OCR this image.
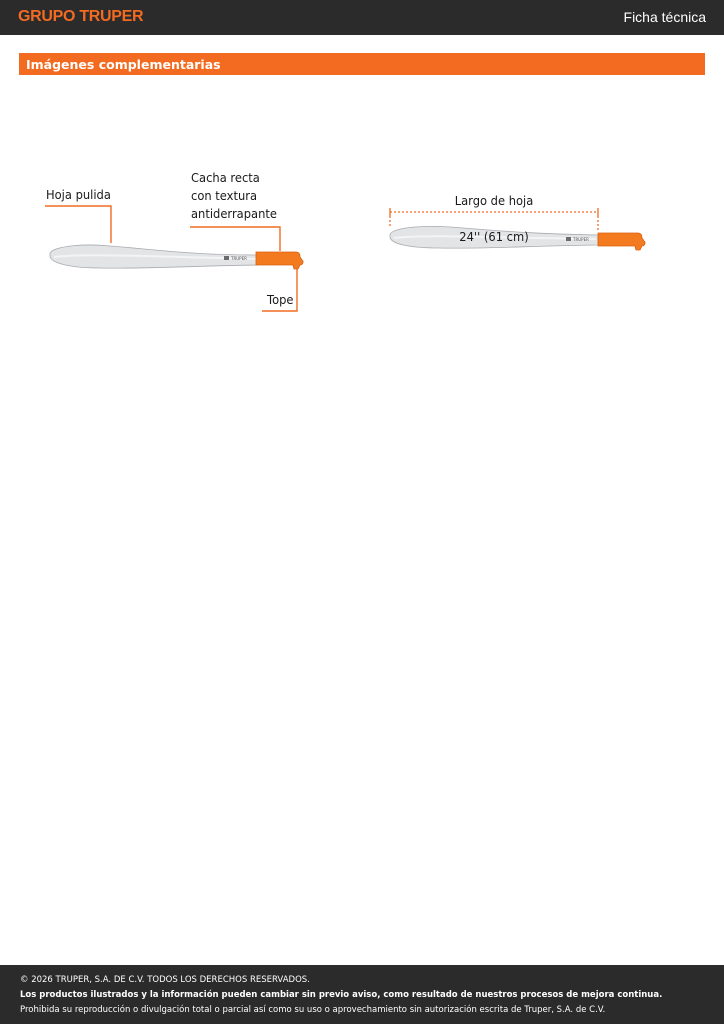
GRUPO TRUPER	Ficha técnica
Imágenes complementarias
TRUPER
Hoja pulida
Cacha recta
con textura
antiderrapante
Tope
TRUPER

Largo de hoja

24'' (61 cm)

© 2026 TRUPER, S.A. DE C.V. TODOS LOS DERECHOS RESERVADOS.
Los productos ilustrados y la información pueden cambiar sin previo aviso, como resultado de nuestros procesos de mejora continua.
Prohibida su reproducción o divulgación total o parcial así como su uso o aprovechamiento sin autorización escrita de Truper, S.A. de C.V.
